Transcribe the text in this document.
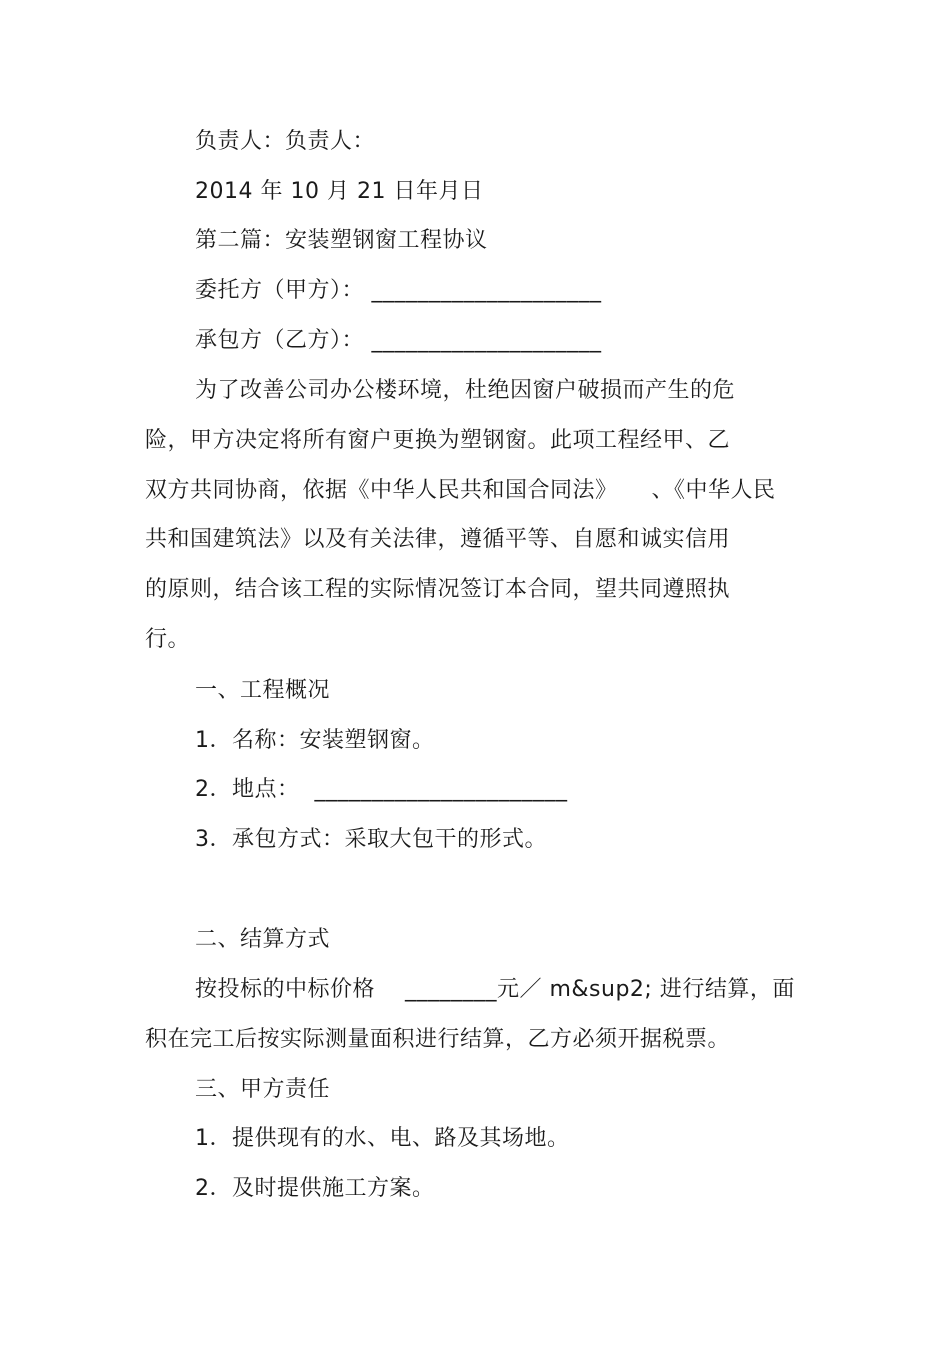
负责人：负责人：
2014 年 10 月 21 日年月日
第二篇：安装塑钢窗工程协议
委托方（甲方）： ____________________
承包方（乙方）： ____________________
为了改善公司办公楼环境，杜绝因窗户破损而产生的危
险，甲方决定将所有窗户更换为塑钢窗。此项工程经甲、乙
双方共同协商，依据《中华人民共和国合同法》　　、《中华人民
共和国建筑法》以及有关法律，遵循平等、自愿和诚实信用
的原则，结合该工程的实际情况签订本合同，望共同遵照执
行。
一、工程概况
1．名称：安装塑钢窗。
2．地点：  ______________________
3．承包方式：采取大包干的形式。
二、结算方式
按投标的中标价格    ________元／ m&sup2; 进行结算，面
积在完工后按实际测量面积进行结算，乙方必须开据税票。
三、甲方责任
1．提供现有的水、电、路及其场地。
2．及时提供施工方案。
